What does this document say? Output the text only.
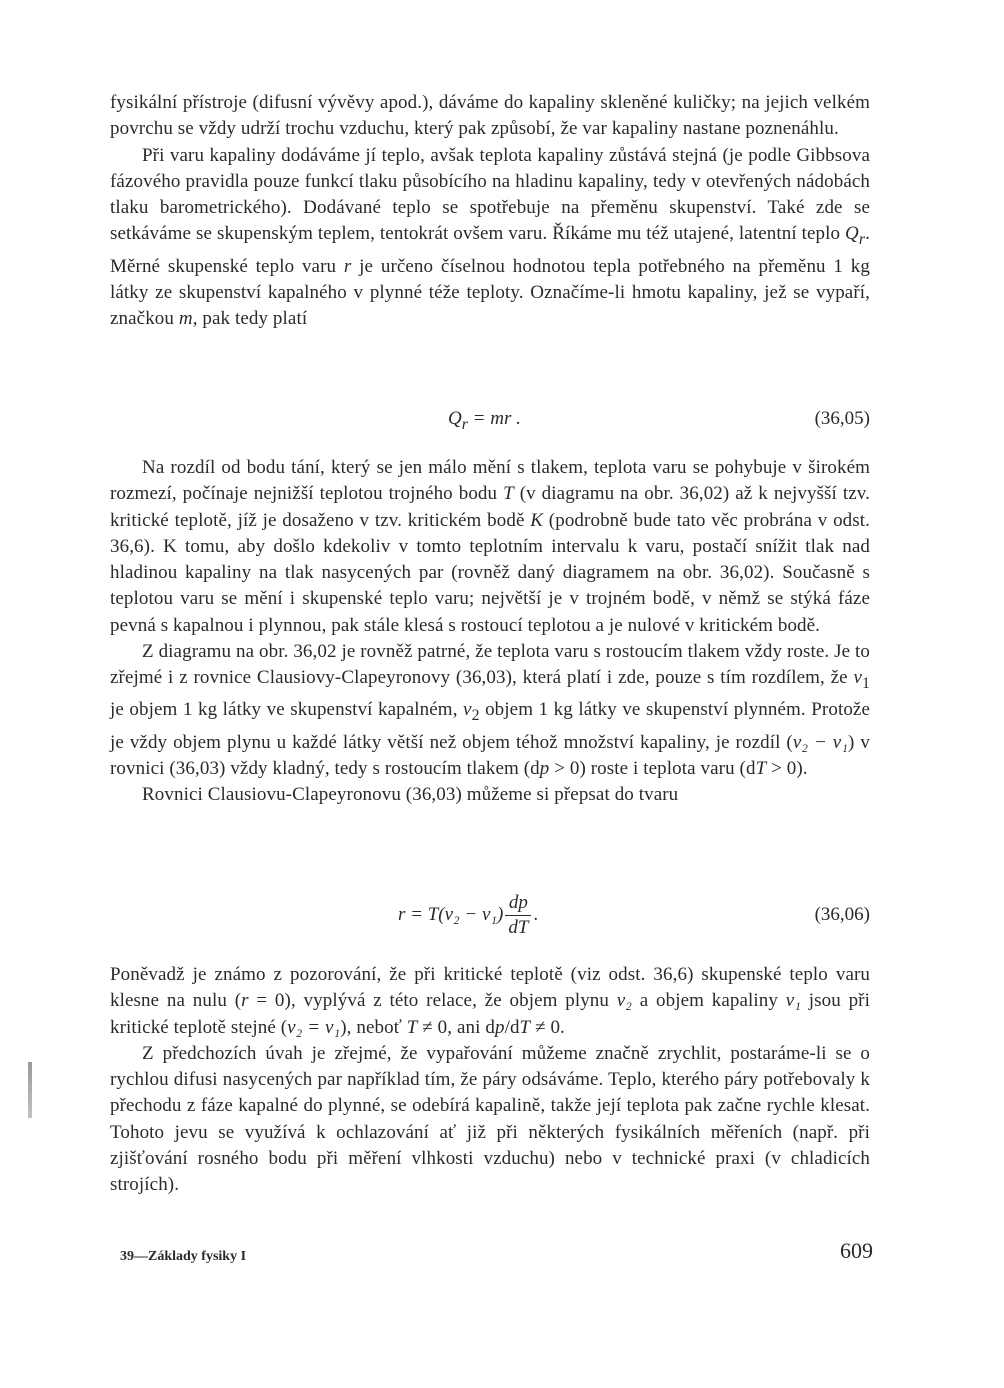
fysikální přístroje (difusní vývěvy apod.), dáváme do kapaliny skleněné kuličky; na jejich velkém povrchu se vždy udrží trochu vzduchu, který pak způsobí, že var kapaliny nastane poznenáhlu.

Při varu kapaliny dodáváme jí teplo, avšak teplota kapaliny zůstává stejná (je podle Gibbsova fázového pravidla pouze funkcí tlaku působícího na hladinu kapaliny, tedy v otevřených nádobách tlaku barometrického). Dodávané teplo se spotřebuje na přeměnu skupenství. Také zde se setkáváme se skupenským teplem, tentokrát ovšem varu. Říkáme mu též utajené, latentní teplo $Q_r$. Měrné skupenské teplo varu r je určeno číselnou hodnotou tepla potřebného na přeměnu 1 kg látky ze skupenství kapalného v plynné téže teploty. Označíme-li hmotu kapaliny, jež se vypaří, značkou m, pak tedy platí

$Q_r$ = mr .	(36,05)

Na rozdíl od bodu tání, který se jen málo mění s tlakem, teplota varu se pohybuje v širokém rozmezí, počínaje nejnižší teplotou trojného bodu T (v diagramu na obr. 36,02) až k nejvyšší tzv. kritické teplotě, jíž je dosaženo v tzv. kritickém bodě K (podrobně bude tato věc probrána v odst. 36,6). K tomu, aby došlo kdekoliv v tomto teplotním intervalu k varu, postačí snížit tlak nad hladinou kapaliny na tlak nasycených par (rovněž daný diagramem na obr. 36,02). Současně s teplotou varu se mění i skupenské teplo varu; největší je v trojném bodě, v němž se stýká fáze pevná s kapalnou i plynnou, pak stále klesá s rostoucí teplotou a je nulové v kritickém bodě.

Z diagramu na obr. 36,02 je rovněž patrné, že teplota varu s rostoucím tlakem vždy roste. Je to zřejmé i z rovnice Clausiovy-Clapeyronovy (36,03), která platí i zde, pouze s tím rozdílem, že $v_1$ je objem 1 kg látky ve skupenství kapalném, $v_2$ objem 1 kg látky ve skupenství plynném. Protože je vždy objem plynu u každé látky větší než objem téhož množství kapaliny, je rozdíl (v₂ − v₁) v rovnici (36,03) vždy kladný, tedy s rostoucím tlakem (dp > 0) roste i teplota varu (dT > 0).

Rovnici Clausiovu-Clapeyronovu (36,03) můžeme si přepsat do tvaru

$r = T(v_2 - v_1) \frac{dp}{dT}$ .	(36,06)

Poněvadž je známo z pozorování, že při kritické teplotě (viz odst. 36,6) skupenské teplo varu klesne na nulu (r = 0), vyplývá z této relace, že objem plynu v₂ a objem kapaliny v₁ jsou při kritické teplotě stejné (v₂ = v₁), neboť T ≠ 0, ani dp/dT ≠ 0.

Z předchozích úvah je zřejmé, že vypařování můžeme značně zrychlit, postaráme-li se o rychlou difusi nasycených par například tím, že páry odsáváme. Teplo, kterého páry potřebovaly k přechodu z fáze kapalné do plynné, se odebírá kapalině, takže její teplota pak začne rychle klesat. Tohoto jevu se využívá k ochlazování ať již při některých fysikálních měřeních (např. při zjišťování rosného bodu při měření vlhkosti vzduchu) nebo v technické praxi (v chladicích strojích).

39—Základy fysiky I	609
